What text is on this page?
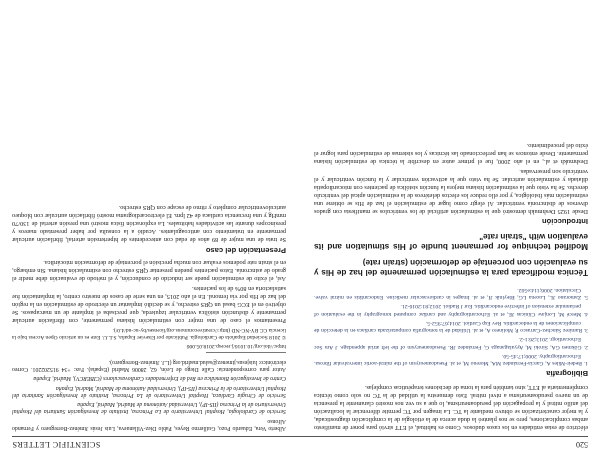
520
SCIENTIFIC LETTERS

eléctrico de estas entidades en los casos dudosos. Como es habitual, el ETT sirvió para poner de manifiesto ambas complicaciones, pero se nos planteó la duda acerca de la etiología de la complicación diagnosticada, y la mejor caracterización se obtuvo mediante la TC. La imagen por TC permite diferenciar la localización del anillo mitral y la propagación del pseudoaneurisma, lo que a su vez nos mostró claramente la presencia de un nuevo pseudoaneurisma a nivel mitral. Esto demuestra la utilidad de la TC no solo como técnica complementaria al ETT, sino también para la toma de decisiones terapéuticas complejas.

Bibliografía

1. Bedeir-Miles A, García-Fernández MA, Moreno M, et al. Pseudoaneurysm of the mitral-aortic intervalvular fibrosa. Echocardiography. 2000;17:45-50.

2. Gökmen GA, Siroki M, Ayyalaganaga G, Fernández JR. Pseudoaneurysm of the left atrial appendage. J Am Soc Echocardiogr. 2013;26:1-2.

3. Ramírez Sánchez-Carrasco P, Molinero A, et al. Utilidad de la tomografía computarizada cardiaca en la detección de complicaciones de la endocarditis. Rev Esp Cardiol. 2014;67:952-5.

4. Mercé M, Lonjaw Clínicas JE, et al. Echocardiography and cardiac computed tomography in the evaluation of periannular extension of infective endocarditis. Eur J Radiol. 2012;81:2016-21.

5. Zamorano JL, Lucena LG, Bleylnik JI, et al. Images in cardiovascular medicine. Endocarditis en mitral valve. Circulation. 2006;114:e502.

Técnica modificada para la estimulación permanente del haz de His y su evaluación con porcentaje de deformación (strain rate)
Modified technique for permanent bundle of His stimulation and its evaluation with "strain rate"
Introducción

Desde 1925 Deshmukh demostró que la estimulación artificial de los ventrículos se manifiesta con grados diversos de disincronía ventricular. Al elegir como lugar de estimulación el haz de His se obtiene una estimulación más fisiológica, y por ello reduce los efectos deletéreos de la estimulación apical del ventrículo derecho. Se ha visto que la estimulación hisiana mejora la función sistólica de pacientes con miocardiopatía dilatada y estimulación auricular. Se ha visto que la activación ventricular y la función ventricular y el ventrículo son preservadas.

Deshmukh et al., en el año 2000, fue el primer autor en describir la técnica de estimulación hisiana permanente. Desde entonces se han perfeccionado las técnicas y los sistemas de estimulación para lograr el éxito del procedimiento.

Alberto Vera, Eduardo Pozo, Guillermo Reyes, Pablo Díez-Villanueva, Luis Jesús Jiménez-Borreguero y Fernando Alfonso

Servicio de Cardiología, Hospital Universitario de La Princesa, Instituto de Investigación Sanitaria del Hospital Universitario de la Princesa (IIS-IP), Universidad Autónoma de Madrid, Madrid, España

Servicio de Cirugía Cardiaca, Hospital Universitario de La Princesa, Instituto de Investigación Sanitaria del Hospital Universitario de la Princesa (IIS-IP), Universidad Autónoma de Madrid, Madrid, España

Centro de Investigación Biomédica en Red de Enfermedades Cardiovasculares (CIBERCV), Madrid, España

Autor para correspondencia: Calle Diego de León, 62, 28006 Madrid (España). Fax: +34 915202201. Correo electrónico: luisjesus.jimenez@salud.madrid.org (L.J. Jiménez-Borreguero).

https://doi.org/10.1016/j.recesp.2018.05.006

© 2018 Sociedad Española de Cardiología. Publicado por Elsevier España, S.L.U. Este es un artículo Open Access bajo la licencia CC BY-NC-ND (http://creativecommons.org/licenses/by-nc-nd/4.0/).

Presentamos el caso de una mujer con estimulación hisiana permanente, con fibrilación auricular permanente y disfunción sistólica ventricular izquierda, que precisaba el implante de un marcapasos. Se objetivó en el ECG basal un QRS estrecho, y se decidió implantar un electrodo de estimulación en la región del haz de His por vía femoral. En el año 2015, en una serie de casos de nuestro centro, la implantación fue satisfactoria en 80% de los pacientes.

Así, el éxito de estimulación puede ser inducido de conducción, y el método de evaluación debe medir el grado de asincronía. Estos pacientes pueden presentar QRS estrecho con estimulación hisiana. Sin embargo, en el strain rate podemos evaluar con mucha precisión el porcentaje de deformación miocárdica.

Presentación del caso

Se trata de una mujer de 89 años de edad con antecedentes de hipertensión arterial, fibrilación auricular permanente en tratamiento con anticoagulantes. Acudió a la consulta por haber presentado mareos y presíncopes durante las actividades habituales. La exploración física mostró una presión arterial de 130/70 mmHg y una frecuencia cardiaca de 42 lpm. El electrocardiograma mostró fibrilación auricular con bloqueo auriculoventricular completo y ritmo de escape con QRS estrecho.
